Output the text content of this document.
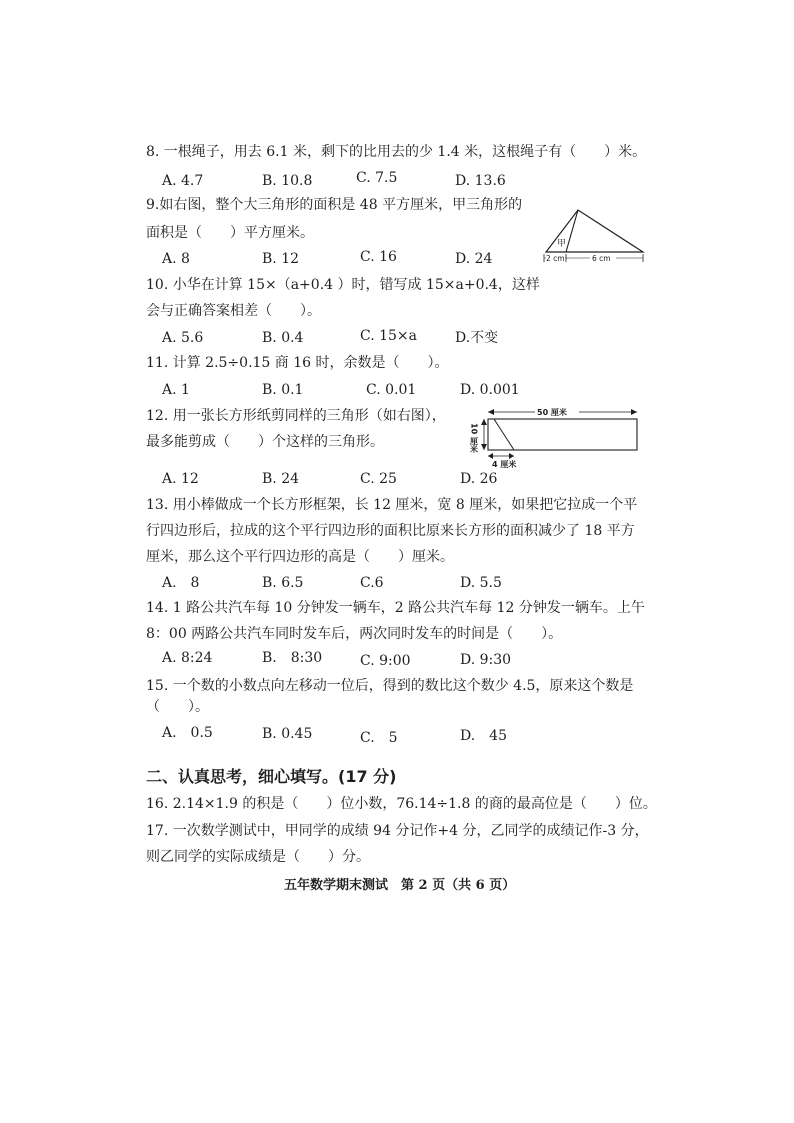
8. 一根绳子，用去 6.1 米，剩下的比用去的少 1.4 米，这根绳子有（　　）米。
A. 4.7	B. 10.8	C. 7.5	D. 13.6
9.如右图，整个大三角形的面积是 48 平方厘米，甲三角形的
面积是（　　）平方厘米。
A. 8	B. 12	C. 16	D. 24
甲
2 cm	6 cm
10. 小华在计算 15×（a+0.4 ）时，错写成 15×a+0.4，这样
会与正确答案相差（　　）。
A. 5.6	B. 0.4	C. 15×a	D.不变
11. 计算 2.5÷0.15 商 16 时，余数是（　　）。
A. 1	B. 0.1	C. 0.01	D. 0.001
12. 用一张长方形纸剪同样的三角形（如右图），
最多能剪成（　　）个这样的三角形。
A. 12	B. 24	C. 25	D. 26
50 厘米
10 厘米
4 厘米
13. 用小棒做成一个长方形框架，长 12 厘米，宽 8 厘米，如果把它拉成一个平
行四边形后，拉成的这个平行四边形的面积比原来长方形的面积减少了 18 平方
厘米，那么这个平行四边形的高是（　　）厘米。
A.　8	B. 6.5	C.6	D. 5.5
14. 1 路公共汽车每 10 分钟发一辆车，2 路公共汽车每 12 分钟发一辆车。上午
8：00 两路公共汽车同时发车后，两次同时发车的时间是（　　）。
A. 8:24	B.　8:30	C. 9:00	D. 9:30
15. 一个数的小数点向左移动一位后，得到的数比这个数少 4.5，原来这个数是
（　　）。
A.　0.5	B. 0.45	C.　5	D.　45
二、认真思考，细心填写。(17 分)
16. 2.14×1.9 的积是（　　）位小数，76.14÷1.8 的商的最高位是（　　）位。
17. 一次数学测试中，甲同学的成绩 94 分记作+4 分，乙同学的成绩记作-3 分，
则乙同学的实际成绩是（　　）分。
五年数学期末测试　第 2 页（共 6 页）
